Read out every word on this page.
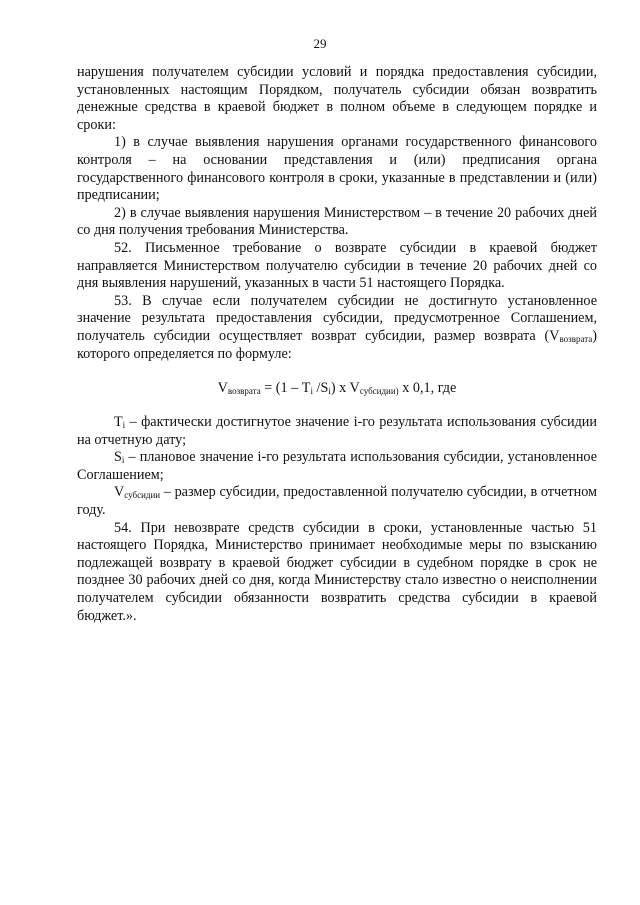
29

нарушения получателем субсидии условий и порядка предоставления субсидии, установленных настоящим Порядком, получатель субсидии обязан возвратить денежные средства в краевой бюджет в полном объеме в следующем порядке и сроки:

1) в случае выявления нарушения органами государственного финансового контроля – на основании представления и (или) предписания органа государственного финансового контроля в сроки, указанные в представлении и (или) предписании;

2) в случае выявления нарушения Министерством – в течение 20 рабочих дней со дня получения требования Министерства.

52. Письменное требование о возврате субсидии в краевой бюджет направляется Министерством получателю субсидии в течение 20 рабочих дней со дня выявления нарушений, указанных в части 51 настоящего Порядка.

53. В случае если получателем субсидии не достигнуто установленное значение результата предоставления субсидии, предусмотренное Соглашением, получатель субсидии осуществляет возврат субсидии, размер возврата $(V_{возврата})$ которого определяется по формуле:

$V_{возврата} = (1 - T_i$ $/S_i$) x $V_{субсидии)}$ x 0,1, где

$T_i$ – фактически достигнутое значение i-го результата использования субсидии на отчетную дату;

$S_i$ – плановое значение i-го результата использования субсидии, установленное Соглашением;

$V_{субсидии}$ – размер субсидии, предоставленной получателю субсидии, в отчетном году.

54. При невозврате средств субсидии в сроки, установленные частью 51 настоящего Порядка, Министерство принимает необходимые меры по взысканию подлежащей возврату в краевой бюджет субсидии в судебном порядке в срок не позднее 30 рабочих дней со дня, когда Министерству стало известно о неисполнении получателем субсидии обязанности возвратить средства субсидии в краевой бюджет.».
